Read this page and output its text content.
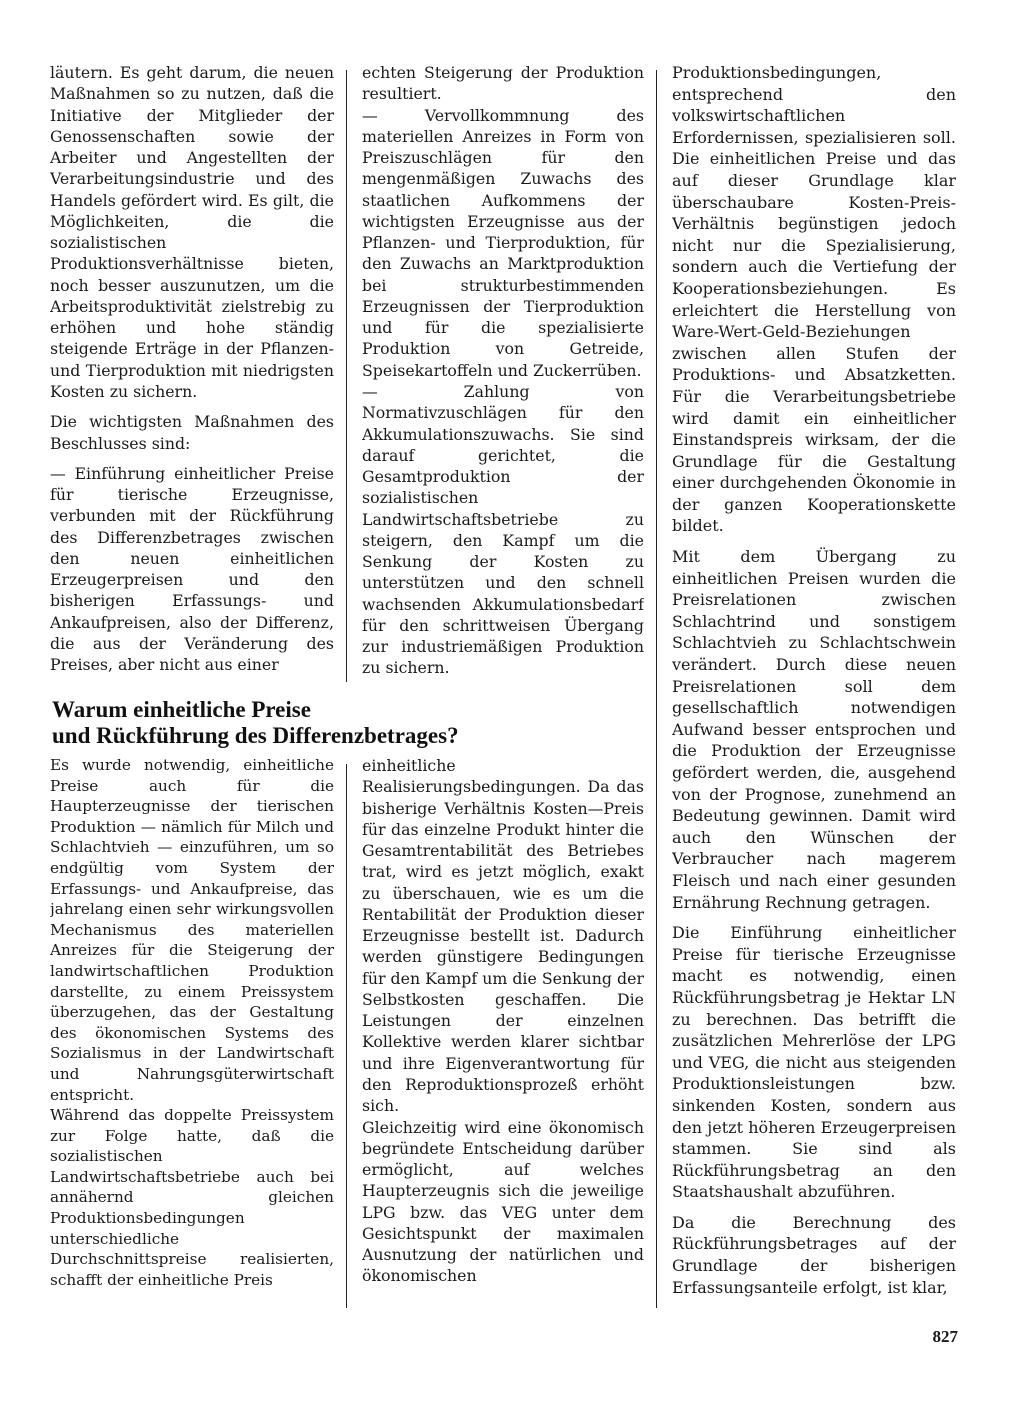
läutern. Es geht darum, die neuen Maßnahmen so zu nutzen, daß die Initiative der Mitglieder der Genossenschaften sowie der Arbeiter und Angestellten der Verarbeitungsindustrie und des Handels gefördert wird. Es gilt, die Möglichkeiten, die die sozialistischen Produktionsverhältnisse bieten, noch besser auszunutzen, um die Arbeitsproduktivität zielstrebig zu erhöhen und hohe ständig steigende Erträge in der Pflanzen- und Tierproduktion mit niedrigsten Kosten zu sichern.

Die wichtigsten Maßnahmen des Beschlusses sind:

— Einführung einheitlicher Preise für tierische Erzeugnisse, verbunden mit der Rückführung des Differenzbetrages zwischen den neuen einheitlichen Erzeugerpreisen und den bisherigen Erfassungs- und Ankaufpreisen, also der Differenz, die aus der Veränderung des Preises, aber nicht aus einer

echten Steigerung der Produktion resultiert.

— Vervollkommnung des materiellen Anreizes in Form von Preiszuschlägen für den mengenmäßigen Zuwachs des staatlichen Aufkommens der wichtigsten Erzeugnisse aus der Pflanzen- und Tierproduktion, für den Zuwachs an Marktproduktion bei strukturbestimmenden Erzeugnissen der Tierproduktion und für die spezialisierte Produktion von Getreide, Speisekartoffeln und Zuckerrüben.

— Zahlung von Normativzuschlägen für den Akkumulationszuwachs. Sie sind darauf gerichtet, die Gesamtproduktion der sozialistischen Landwirtschaftsbetriebe zu steigern, den Kampf um die Senkung der Kosten zu unterstützen und den schnell wachsenden Akkumulationsbedarf für den schrittweisen Übergang zur industriemäßigen Produktion zu sichern.

Warum einheitliche Preise
und Rückführung des Differenzbetrages?

Es wurde notwendig, einheitliche Preise auch für die Haupterzeugnisse der tierischen Produktion — nämlich für Milch und Schlachtvieh — einzuführen, um so endgültig vom System der Erfassungs- und Ankaufpreise, das jahrelang einen sehr wirkungsvollen Mechanismus des materiellen Anreizes für die Steigerung der landwirtschaftlichen Produktion darstellte, zu einem Preissystem überzugehen, das der Gestaltung des ökonomischen Systems des Sozialismus in der Landwirtschaft und Nahrungsgüterwirtschaft entspricht.

Während das doppelte Preissystem zur Folge hatte, daß die sozialistischen Landwirtschaftsbetriebe auch bei annähernd gleichen Produktionsbedingungen unterschiedliche Durchschnittspreise realisierten, schafft der einheitliche Preis

einheitliche Realisierungsbedingungen. Da das bisherige Verhältnis Kosten—Preis für das einzelne Produkt hinter die Gesamtrentabilität des Betriebes trat, wird es jetzt möglich, exakt zu überschauen, wie es um die Rentabilität der Produktion dieser Erzeugnisse bestellt ist. Dadurch werden günstigere Bedingungen für den Kampf um die Senkung der Selbstkosten geschaffen. Die Leistungen der einzelnen Kollektive werden klarer sichtbar und ihre Eigenverantwortung für den Reproduktionsprozeß erhöht sich.

Gleichzeitig wird eine ökonomisch begründete Entscheidung darüber ermöglicht, auf welches Haupterzeugnis sich die jeweilige LPG bzw. das VEG unter dem Gesichtspunkt der maximalen Ausnutzung der natürlichen und ökonomischen

Produktionsbedingungen, entsprechend den volkswirtschaftlichen Erfordernissen, spezialisieren soll. Die einheitlichen Preise und das auf dieser Grundlage klar überschaubare Kosten-Preis-Verhältnis begünstigen jedoch nicht nur die Spezialisierung, sondern auch die Vertiefung der Kooperationsbeziehungen. Es erleichtert die Herstellung von Ware-Wert-Geld-Beziehungen zwischen allen Stufen der Produktions- und Absatzketten. Für die Verarbeitungsbetriebe wird damit ein einheitlicher Einstandspreis wirksam, der die Grundlage für die Gestaltung einer durchgehenden Ökonomie in der ganzen Kooperationskette bildet.

Mit dem Übergang zu einheitlichen Preisen wurden die Preisrelationen zwischen Schlachtrind und sonstigem Schlachtvieh zu Schlachtschwein verändert. Durch diese neuen Preisrelationen soll dem gesellschaftlich notwendigen Aufwand besser entsprochen und die Produktion der Erzeugnisse gefördert werden, die, ausgehend von der Prognose, zunehmend an Bedeutung gewinnen. Damit wird auch den Wünschen der Verbraucher nach magerem Fleisch und nach einer gesunden Ernährung Rechnung getragen.

Die Einführung einheitlicher Preise für tierische Erzeugnisse macht es notwendig, einen Rückführungsbetrag je Hektar LN zu berechnen. Das betrifft die zusätzlichen Mehrerlöse der LPG und VEG, die nicht aus steigenden Produktionsleistungen bzw. sinkenden Kosten, sondern aus den jetzt höheren Erzeugerpreisen stammen. Sie sind als Rückführungsbetrag an den Staatshaushalt abzuführen.

Da die Berechnung des Rückführungsbetrages auf der Grundlage der bisherigen Erfassungsanteile erfolgt, ist klar,

827
